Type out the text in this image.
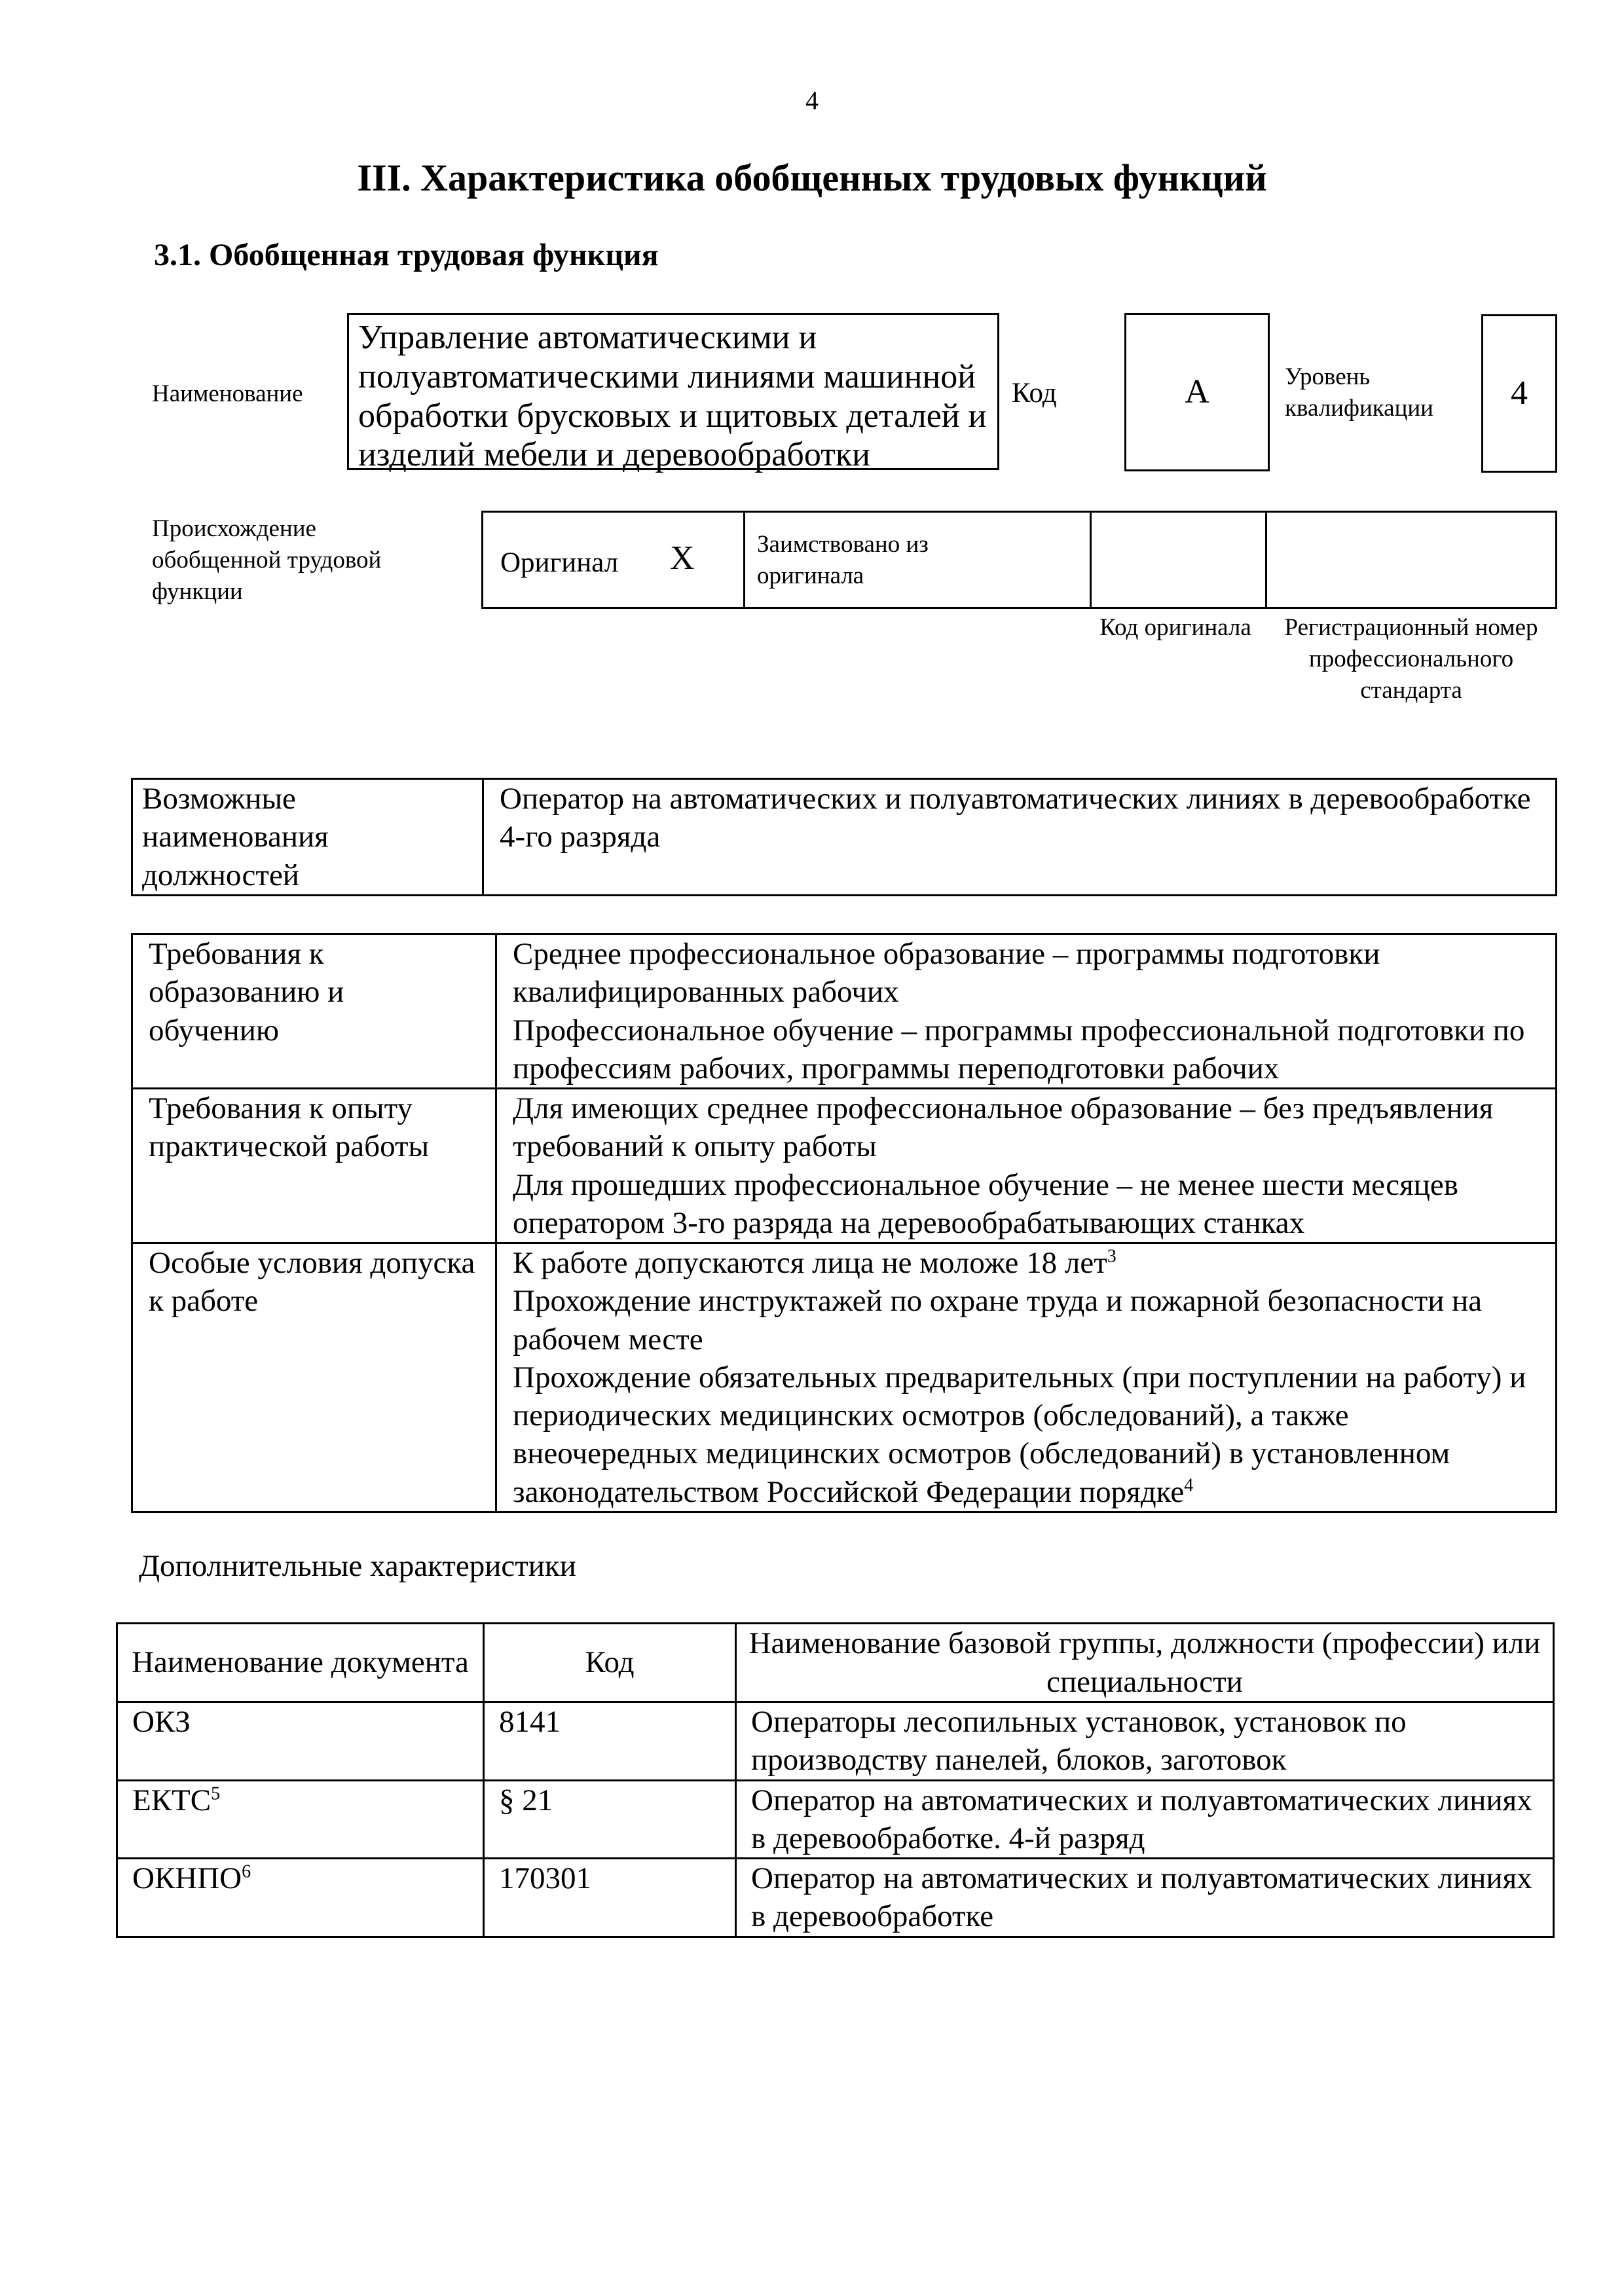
4
III. Характеристика обобщенных трудовых функций
3.1. Обобщенная трудовая функция
Наименование
Управление автоматическими и полуавтоматическими линиями машинной обработки брусковых и щитовых деталей и изделий мебели и деревообработки
Код	А	Уровень квалификации	4
Происхождение обобщенной трудовой функции
Оригинал X	Заимствовано из оригинала
Код оригинала	Регистрационный номер профессионального стандарта
Возможные наименования должностей	Оператор на автоматических и полуавтоматических линиях в деревообработке 4-го разряда
Требования к образованию и обучению	Среднее профессиональное образование – программы подготовки квалифицированных рабочих
Профессиональное обучение – программы профессиональной подготовки по профессиям рабочих, программы переподготовки рабочих

Требования к опыту практической работы	Для имеющих среднее профессиональное образование – без предъявления требований к опыту работы
Для прошедших профессиональное обучение – не менее шести месяцев оператором 3-го разряда на деревообрабатывающих станках

Особые условия допуска к работе	К работе допускаются лица не моложе 18 лет$^3$
Прохождение инструктажей по охране труда и пожарной безопасности на рабочем месте
Прохождение обязательных предварительных (при поступлении на работу) и периодических медицинских осмотров (обследований), а также внеочередных медицинских осмотров (обследований) в установленном законодательством Российской Федерации порядке$^4$
Дополнительные характеристики
Наименование документа	Код	Наименование базовой группы, должности (профессии) или специальности
ОКЗ	8141	Операторы лесопильных установок, установок по производству панелей, блоков, заготовок
ЕКТС$^5$	§ 21	Оператор на автоматических и полуавтоматических линиях в деревообработке. 4-й разряд
ОКНПО$^6$	170301	Оператор на автоматических и полуавтоматических линиях в деревообработке
